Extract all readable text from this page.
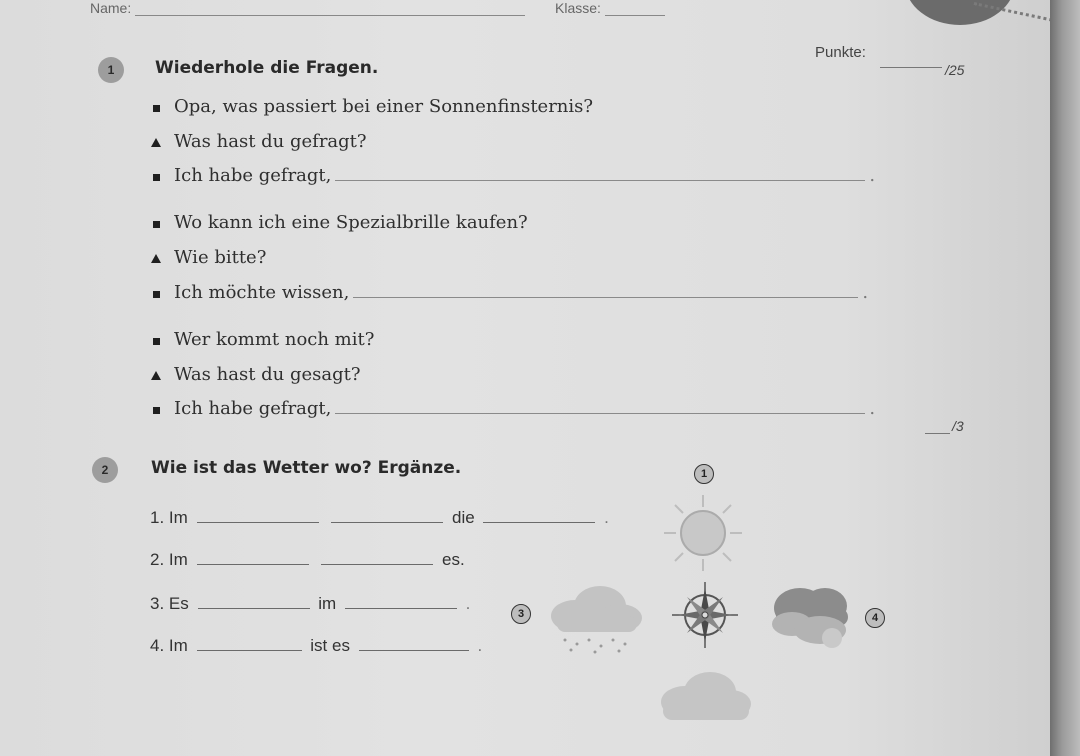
Name:	Klasse:
Punkte:
/25
1	Wiederhole die Fragen.
Opa, was passiert bei einer Sonnenfinsternis?
Was hast du gefragt?
Ich habe gefragt,	.
Wo kann ich eine Spezialbrille kaufen?
Wie bitte?
Ich möchte wissen,	.
Wer kommt noch mit?
Was hast du gesagt?
Ich habe gefragt,	.
/3
2	Wie ist das Wetter wo? Ergänze.
1. Im	die	.
2. Im	es.
3. Es	im	.
4. Im	ist es	.
1
3	4
